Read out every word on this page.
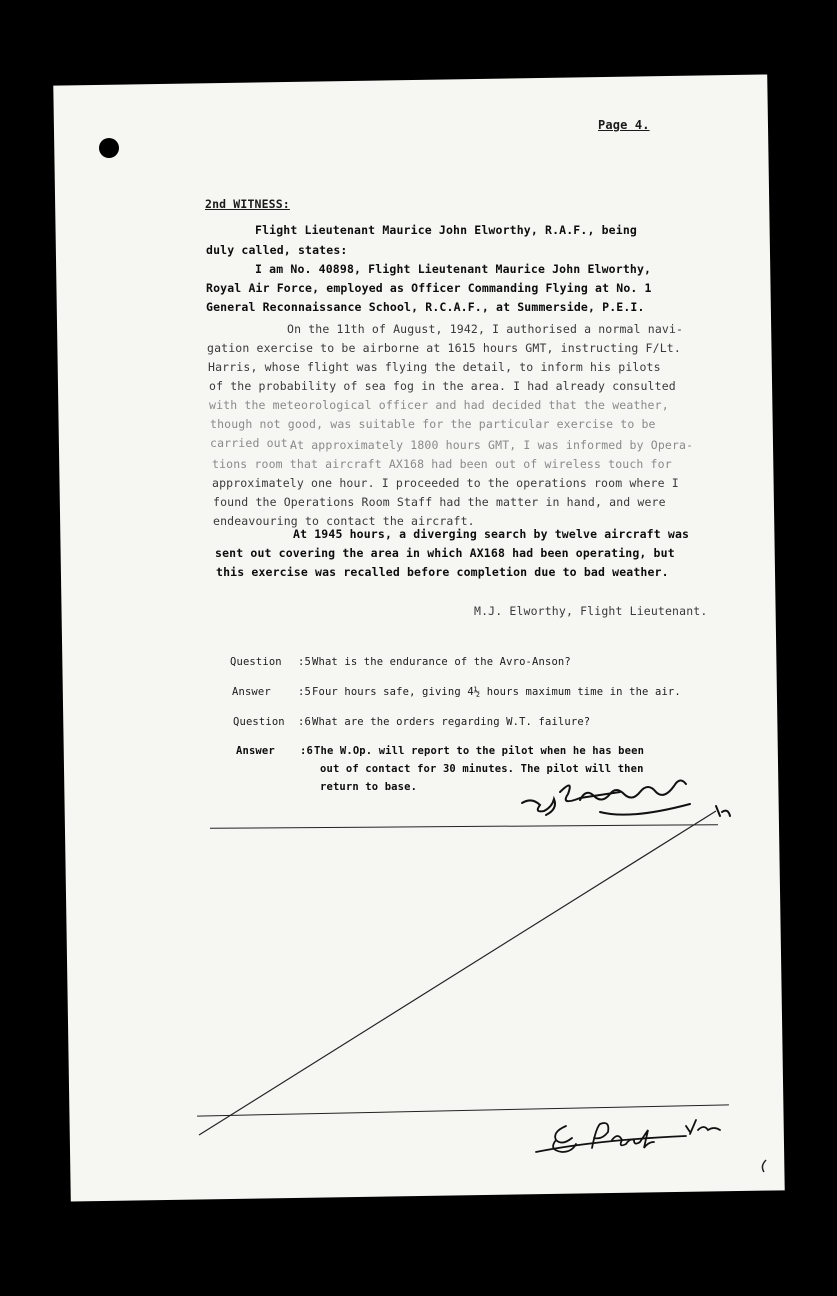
Page 4.
2nd WITNESS:
Flight Lieutenant Maurice John Elworthy, R.A.F., being
duly called, states:
I am No. 40898, Flight Lieutenant Maurice John Elworthy,
Royal Air Force, employed as Officer Commanding Flying at No. 1
General Reconnaissance School, R.C.A.F., at Summerside, P.E.I.
On the 11th of August, 1942, I authorised a normal navi-
gation exercise to be airborne at 1615 hours GMT, instructing F/Lt.
Harris, whose flight was flying the detail, to inform his pilots
of the probability of sea fog in the area. I had already consulted
with the meteorological officer and had decided that the weather,
though not good, was suitable for the particular exercise to be
carried out.
At approximately 1800 hours GMT, I was informed by Opera-
tions room that aircraft AX168 had been out of wireless touch for
approximately one hour. I proceeded to the operations room where I
found the Operations Room Staff had the matter in hand, and were
endeavouring to contact the aircraft.
At 1945 hours, a diverging search by twelve aircraft was
sent out covering the area in which AX168 had been operating, but
this exercise was recalled before completion due to bad weather.
M.J. Elworthy, Flight Lieutenant.
Question :5 What is the endurance of the Avro-Anson?
Answer	:5 Four hours safe, giving 4½ hours maximum time in the air.
Question :6 What are the orders regarding W.T. failure?
Answer :6 The W.Op. will report to the pilot when he has been
out of contact for 30 minutes. The pilot will then
return to base.
